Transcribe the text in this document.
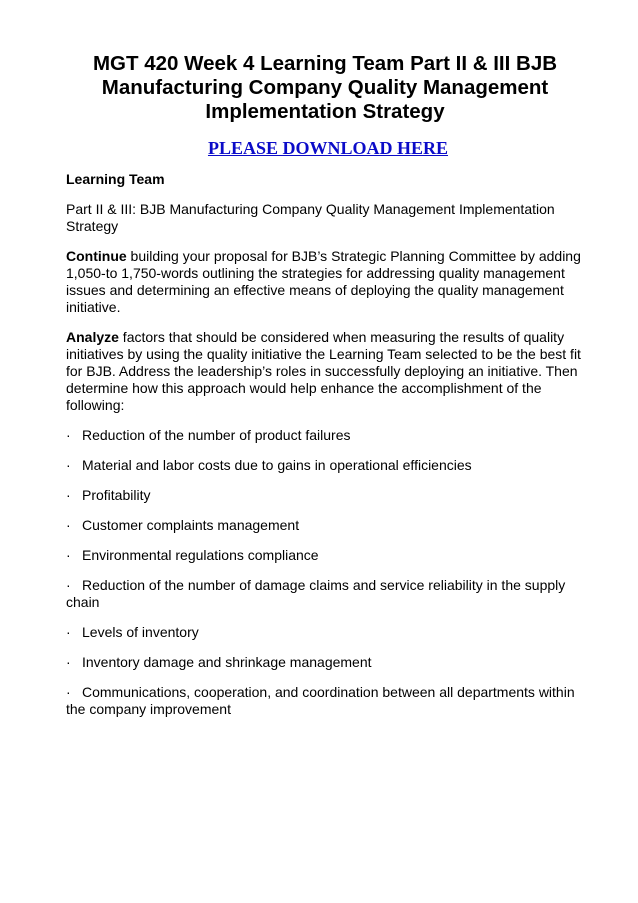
MGT 420 Week 4 Learning Team Part II & III BJB
Manufacturing Company Quality Management
Implementation Strategy
PLEASE DOWNLOAD HERE

Learning Team

Part II & III: BJB Manufacturing Company Quality Management Implementation Strategy

Continue building your proposal for BJB’s Strategic Planning Committee by adding 1,050-to 1,750-words outlining the strategies for addressing quality management issues and determining an effective means of deploying the quality management initiative.

Analyze factors that should be considered when measuring the results of quality initiatives by using the quality initiative the Learning Team selected to be the best fit for BJB. Address the leadership’s roles in successfully deploying an initiative. Then determine how this approach would help enhance the accomplishment of the following:

· Reduction of the number of product failures

· Material and labor costs due to gains in operational efficiencies

· Profitability

· Customer complaints management

· Environmental regulations compliance

· Reduction of the number of damage claims and service reliability in the supply chain

· Levels of inventory

· Inventory damage and shrinkage management

· Communications, cooperation, and coordination between all departments within the company improvement
